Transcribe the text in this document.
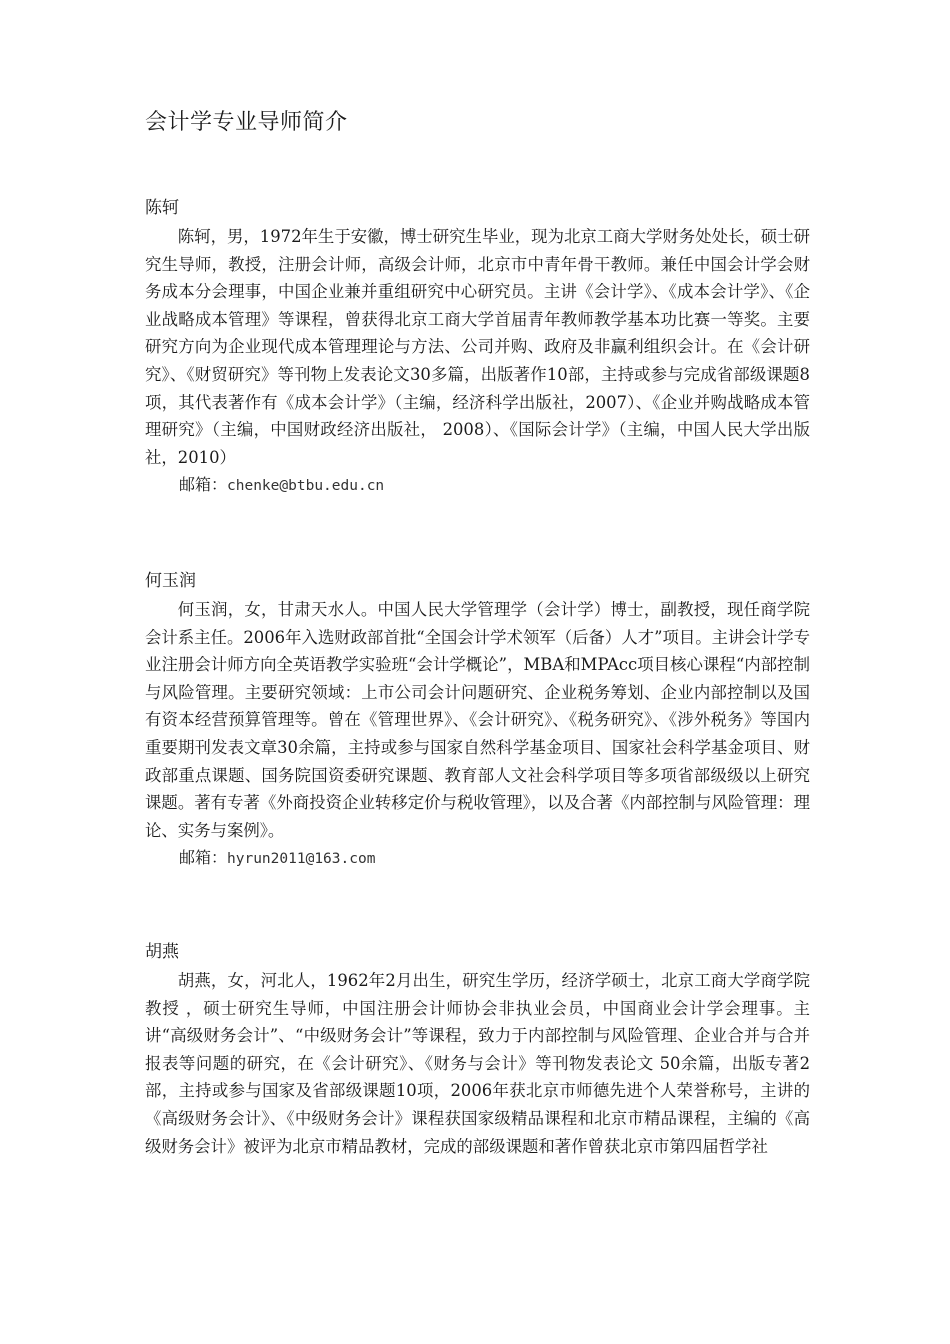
会计学专业导师简介
陈轲

陈轲，男，1972年生于安徽，博士研究生毕业，现为北京工商大学财务处处长，硕士研究生导师，教授，注册会计师，高级会计师，北京市中青年骨干教师。兼任中国会计学会财务成本分会理事，中国企业兼并重组研究中心研究员。主讲《会计学》、《成本会计学》、《企业战略成本管理》等课程，曾获得北京工商大学首届青年教师教学基本功比赛一等奖。主要研究方向为企业现代成本管理理论与方法、公司并购、政府及非赢利组织会计。在《会计研究》、《财贸研究》等刊物上发表论文30多篇，出版著作10部，主持或参与完成省部级课题8项，其代表著作有《成本会计学》（主编，经济科学出版社，2007）、《企业并购战略成本管理研究》（主编，中国财政经济出版社， 2008）、《国际会计学》（主编，中国人民大学出版社，2010）

邮箱：chenke@btbu.edu.cn
何玉润

何玉润，女，甘肃天水人。中国人民大学管理学（会计学）博士，副教授，现任商学院会计系主任。2006年入选财政部首批“全国会计学术领军（后备）人才”项目。主讲会计学专业注册会计师方向全英语教学实验班“会计学概论”，MBA和MPAcc项目核心课程“内部控制与风险管理。主要研究领域：上市公司会计问题研究、企业税务筹划、企业内部控制以及国有资本经营预算管理等。曾在《管理世界》、《会计研究》、《税务研究》、《涉外税务》等国内重要期刊发表文章30余篇，主持或参与国家自然科学基金项目、国家社会科学基金项目、财政部重点课题、国务院国资委研究课题、教育部人文社会科学项目等多项省部级级以上研究课题。著有专著《外商投资企业转移定价与税收管理》，以及合著《内部控制与风险管理：理论、实务与案例》。

邮箱：hyrun2011@163.com
胡燕

胡燕，女，河北人，1962年2月出生，研究生学历，经济学硕士，北京工商大学商学院教授 ，硕士研究生导师，中国注册会计师协会非执业会员，中国商业会计学会理事。主讲“高级财务会计”、“中级财务会计”等课程，致力于内部控制与风险管理、企业合并与合并报表等问题的研究，在《会计研究》、《财务与会计》等刊物发表论文 50余篇，出版专著2部，主持或参与国家及省部级课题10项，2006年获北京市师德先进个人荣誉称号，主讲的《高级财务会计》、《中级财务会计》课程获国家级精品课程和北京市精品课程，主编的《高级财务会计》被评为北京市精品教材，完成的部级课题和著作曾获北京市第四届哲学社
